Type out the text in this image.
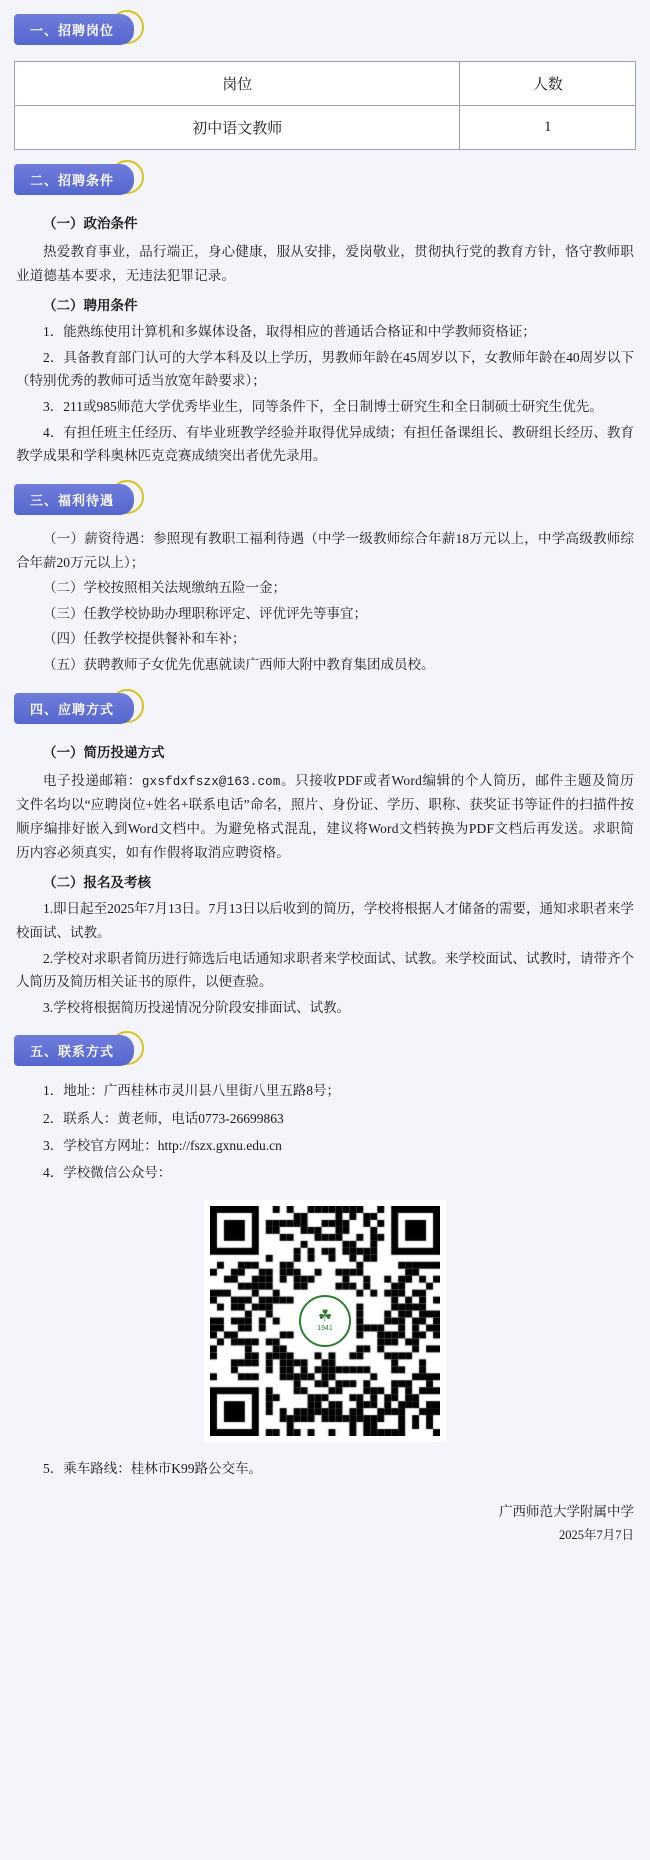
一、招聘岗位
岗位	人数
初中语文教师	1
二、招聘条件

（一）政治条件

热爱教育事业，品行端正，身心健康，服从安排，爱岗敬业，贯彻执行党的教育方针，恪守教师职业道德基本要求，无违法犯罪记录。

（二）聘用条件

1．能熟练使用计算机和多媒体设备，取得相应的普通话合格证和中学教师资格证；

2．具备教育部门认可的大学本科及以上学历，男教师年龄在45周岁以下，女教师年龄在40周岁以下（特别优秀的教师可适当放宽年龄要求）；

3．211或985师范大学优秀毕业生，同等条件下，全日制博士研究生和全日制硕士研究生优先。

4．有担任班主任经历、有毕业班教学经验并取得优异成绩；有担任备课组长、教研组长经历、教育教学成果和学科奥林匹克竞赛成绩突出者优先录用。

三、福利待遇

（一）薪资待遇：参照现有教职工福利待遇（中学一级教师综合年薪18万元以上，中学高级教师综合年薪20万元以上）；

（二）学校按照相关法规缴纳五险一金；

（三）任教学校协助办理职称评定、评优评先等事宜；

（四）任教学校提供餐补和车补；

（五）获聘教师子女优先优惠就读广西师大附中教育集团成员校。

四、应聘方式

（一）简历投递方式

电子投递邮箱：gxsfdxfszx@163.com。只接收PDF或者Word编辑的个人简历，邮件主题及简历文件名均以“应聘岗位+姓名+联系电话”命名，照片、身份证、学历、职称、获奖证书等证件的扫描件按顺序编排好嵌入到Word文档中。为避免格式混乱，建议将Word文档转换为PDF文档后再发送。求职简历内容必须真实，如有作假将取消应聘资格。

（二）报名及考核

1.即日起至2025年7月13日。7月13日以后收到的简历，学校将根据人才储备的需要，通知求职者来学校面试、试教。

2.学校对求职者简历进行筛选后电话通知求职者来学校面试、试教。来学校面试、试教时，请带齐个人简历及简历相关证书的原件，以便查验。

3.学校将根据简历投递情况分阶段安排面试、试教。

五、联系方式

1．地址：广西桂林市灵川县八里街八里五路8号；

2．联系人：黄老师，电话0773-26699863

3．学校官方网址：http://fszx.gxnu.edu.cn

4．学校微信公众号：

☘
1941

5．乘车路线：桂林市K99路公交车。

广西师范大学附属中学
2025年7月7日
